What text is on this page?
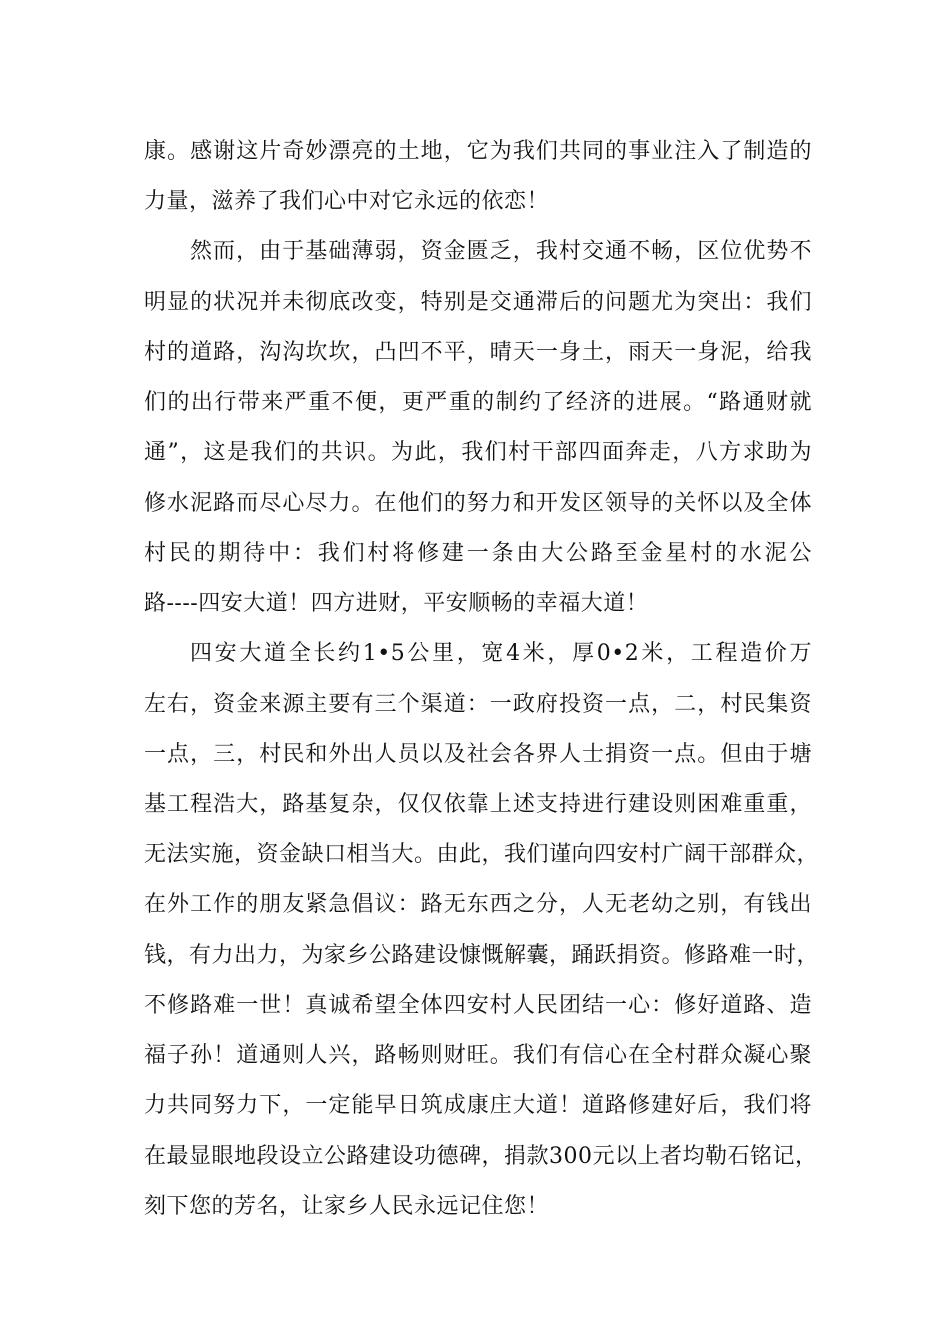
康。感谢这片奇妙漂亮的土地，它为我们共同的事业注入了制造的
力量，滋养了我们心中对它永远的依恋！
然而，由于基础薄弱，资金匮乏，我村交通不畅，区位优势不
明显的状况并未彻底改变，特别是交通滞后的问题尤为突出：我们
村的道路，沟沟坎坎，凸凹不平，晴天一身土，雨天一身泥，给我
们的出行带来严重不便，更严重的制约了经济的进展。“路通财就
通”，这是我们的共识。为此，我们村干部四面奔走，八方求助为
修水泥路而尽心尽力。在他们的努力和开发区领导的关怀以及全体
村民的期待中：我们村将修建一条由大公路至金星村的水泥公
路----四安大道！四方进财，平安顺畅的幸福大道！
四安大道全长约1•5公里，宽4米，厚0•2米，工程造价万
左右，资金来源主要有三个渠道：一政府投资一点，二，村民集资
一点，三，村民和外出人员以及社会各界人士捐资一点。但由于塘
基工程浩大，路基复杂，仅仅依靠上述支持进行建设则困难重重，
无法实施，资金缺口相当大。由此，我们谨向四安村广阔干部群众，
在外工作的朋友紧急倡议：路无东西之分，人无老幼之别，有钱出
钱，有力出力，为家乡公路建设慷慨解囊，踊跃捐资。修路难一时，
不修路难一世！真诚希望全体四安村人民团结一心：修好道路、造
福子孙！道通则人兴，路畅则财旺。我们有信心在全村群众凝心聚
力共同努力下，一定能早日筑成康庄大道！道路修建好后，我们将
在最显眼地段设立公路建设功德碑，捐款300元以上者均勒石铭记，
刻下您的芳名，让家乡人民永远记住您！
